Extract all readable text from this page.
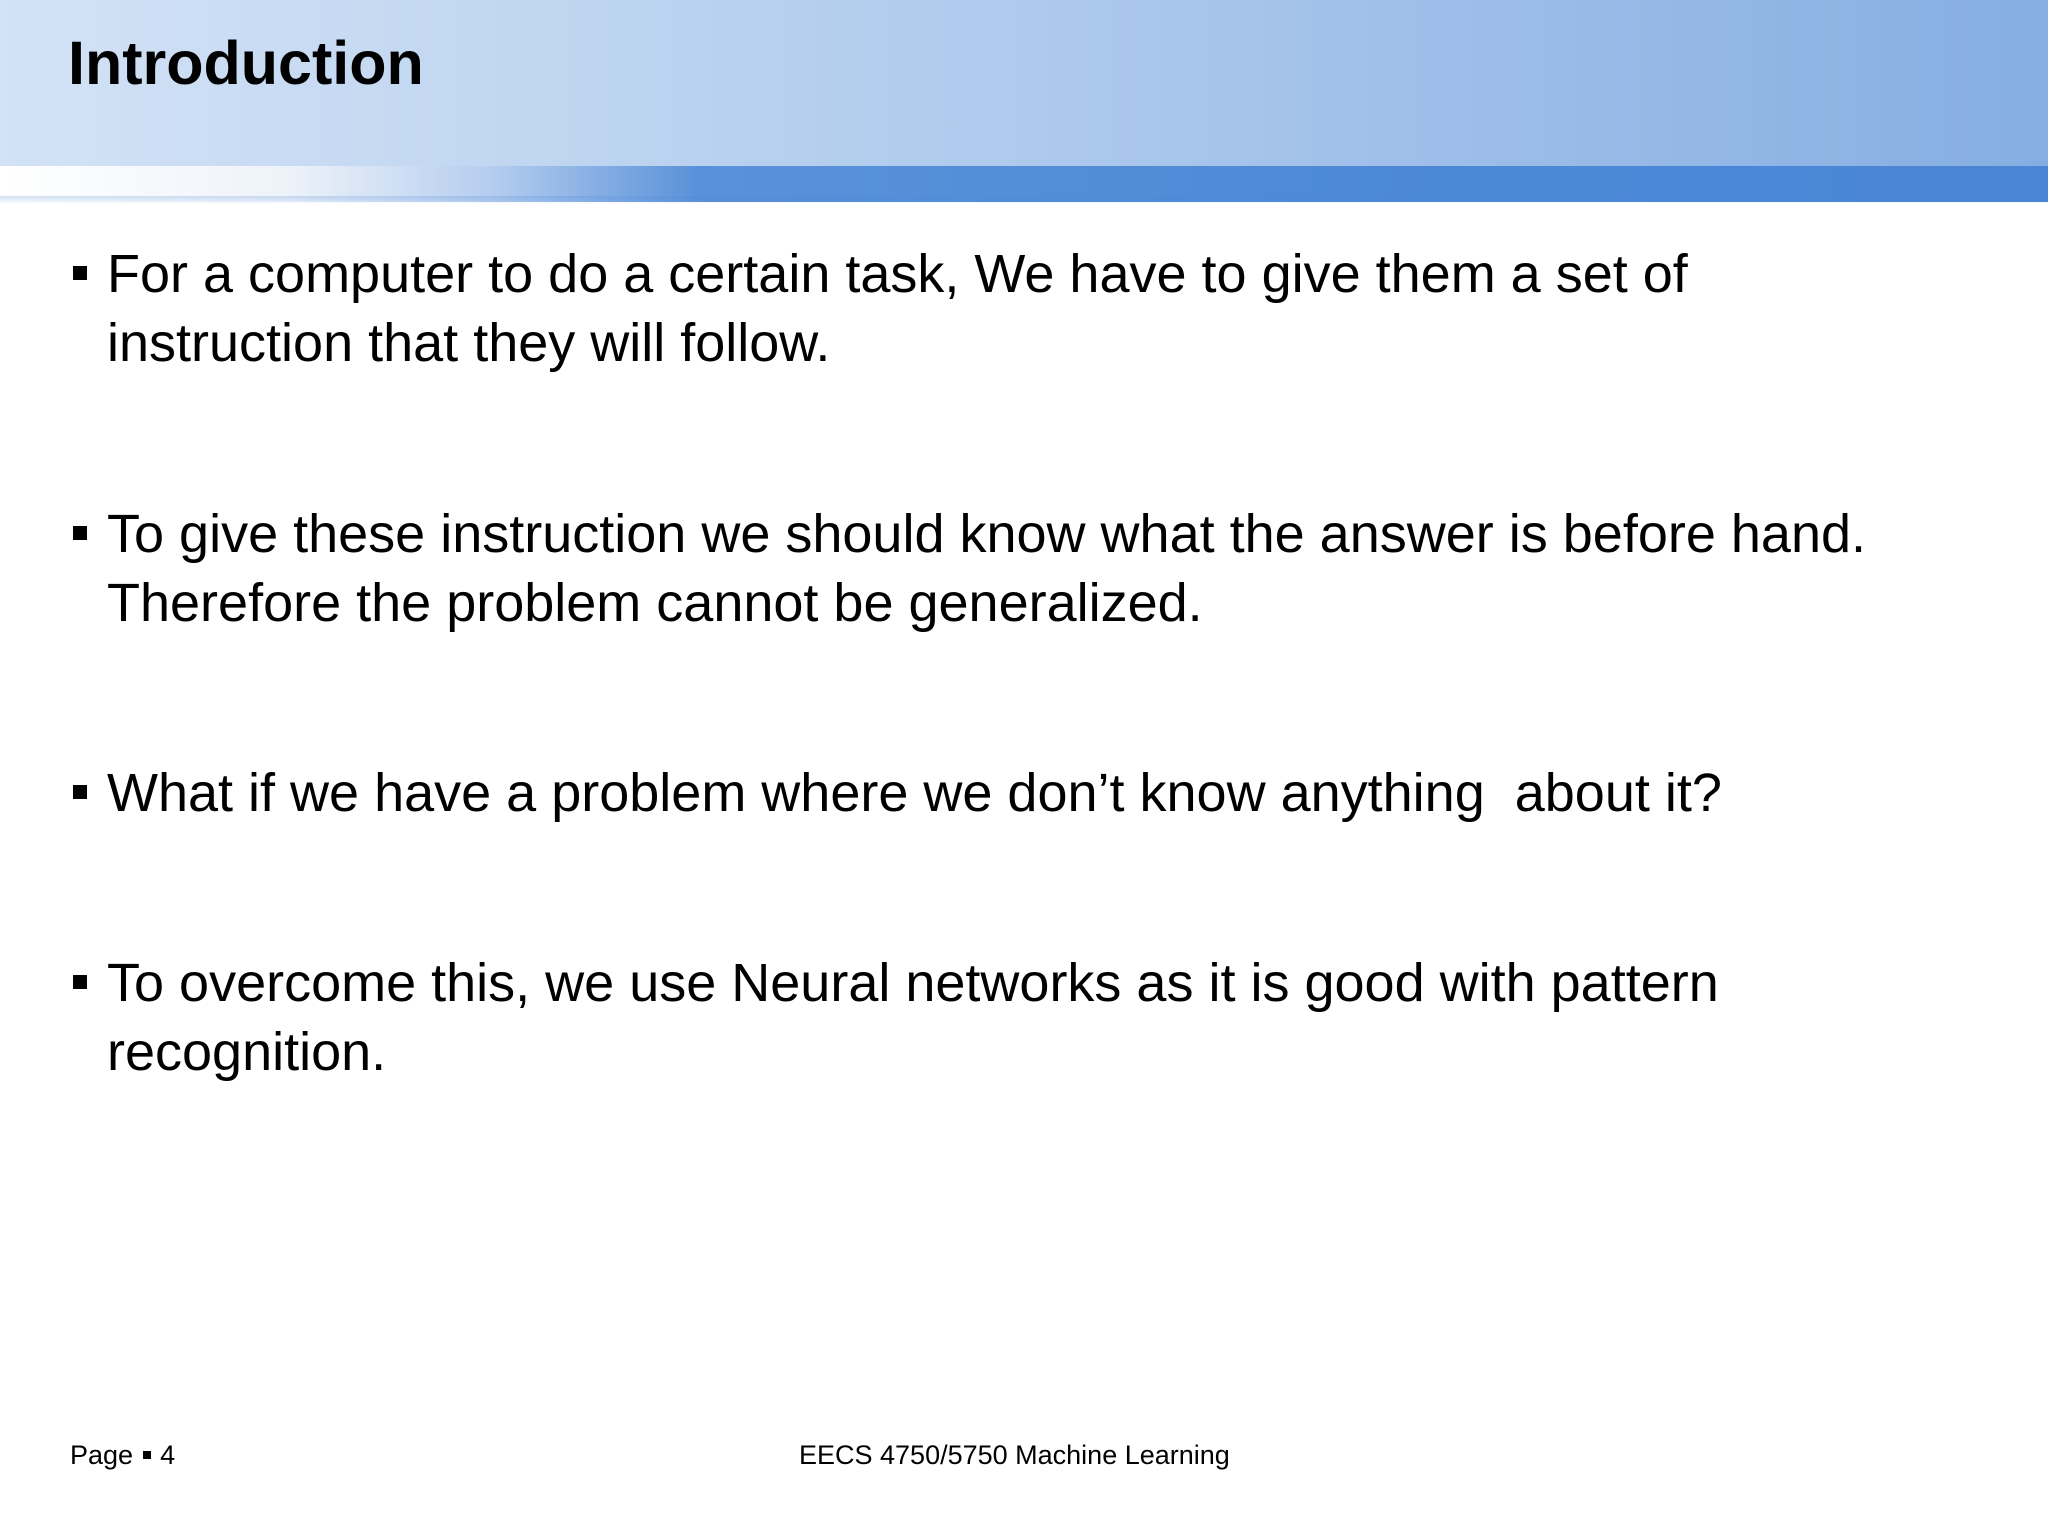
Introduction
For a computer to do a certain task, We have to give them a set of
instruction that they will follow.
To give these instruction we should know what the answer is before hand.
Therefore the problem cannot be generalized.
What if we have a problem where we don’t know anything  about it?
To overcome this, we use Neural networks as it is good with pattern
recognition.
Page 4	EECS 4750/5750 Machine Learning
